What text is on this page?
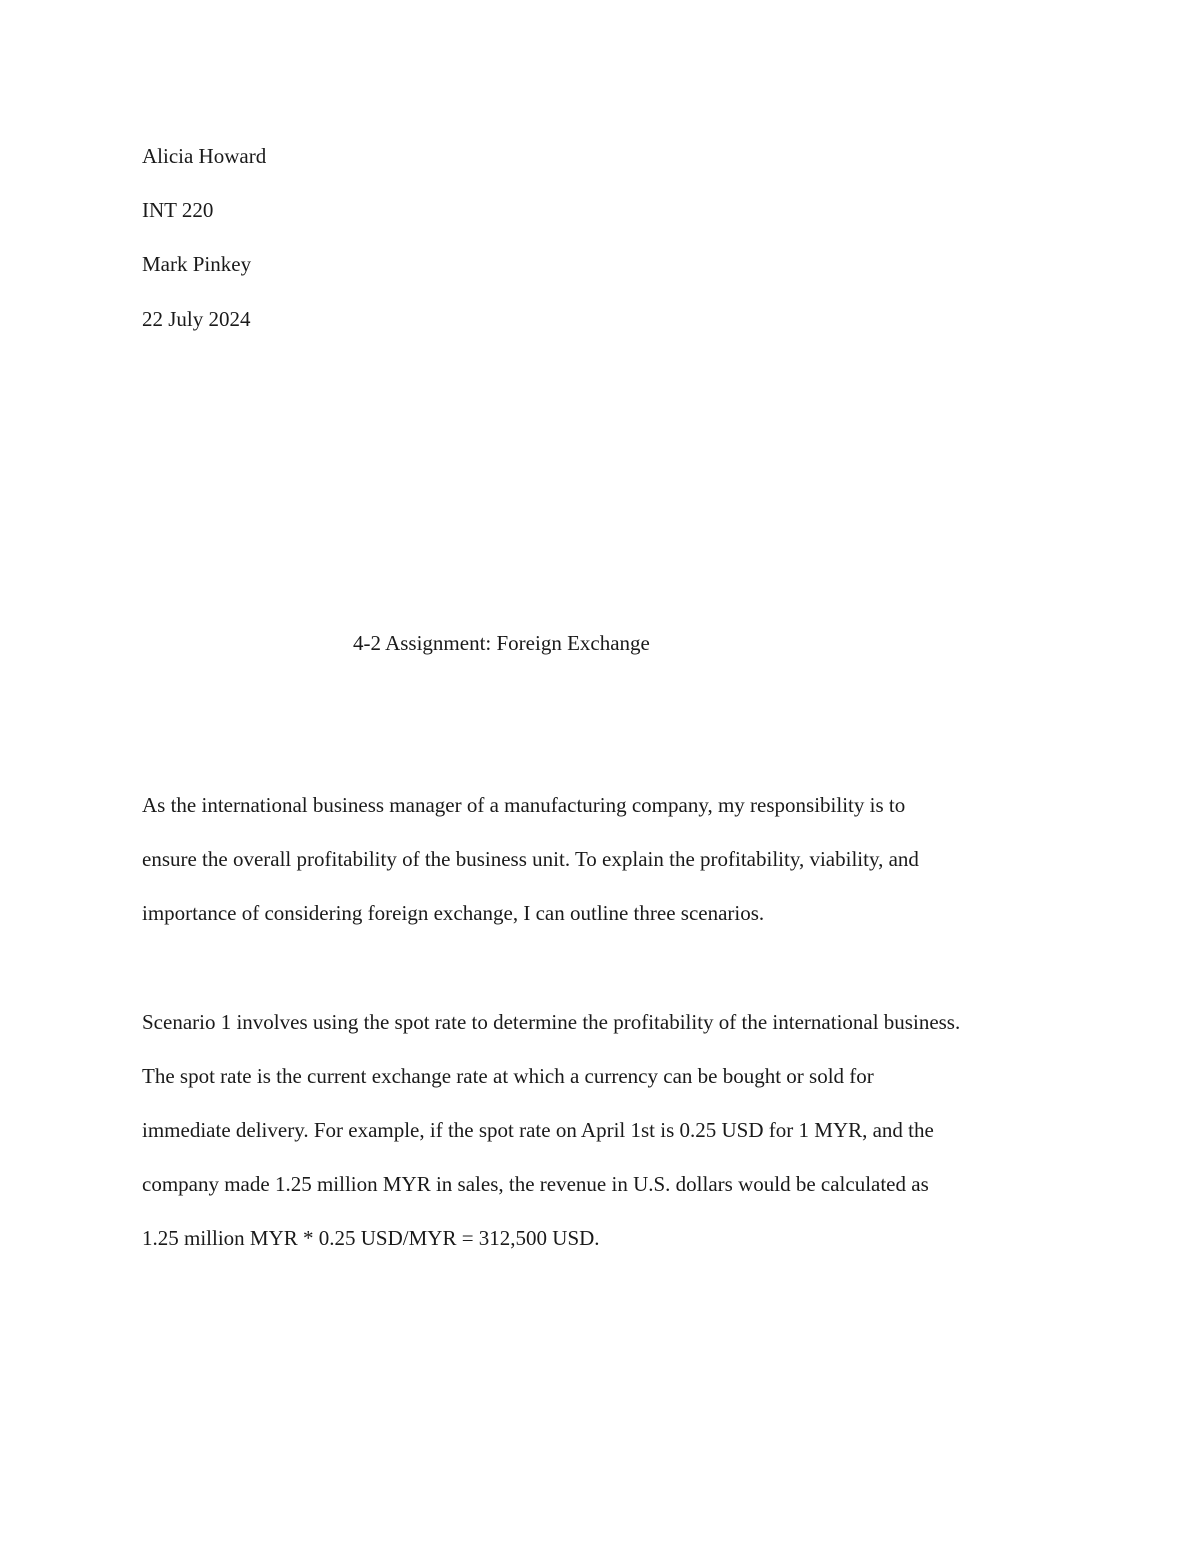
Alicia Howard
INT 220
Mark Pinkey
22 July 2024
4-2 Assignment: Foreign Exchange
As the international business manager of a manufacturing company, my responsibility is to
ensure the overall profitability of the business unit. To explain the profitability, viability, and
importance of considering foreign exchange, I can outline three scenarios.
Scenario 1 involves using the spot rate to determine the profitability of the international business.
The spot rate is the current exchange rate at which a currency can be bought or sold for
immediate delivery. For example, if the spot rate on April 1st is 0.25 USD for 1 MYR, and the
company made 1.25 million MYR in sales, the revenue in U.S. dollars would be calculated as
1.25 million MYR * 0.25 USD/MYR = 312,500 USD.
